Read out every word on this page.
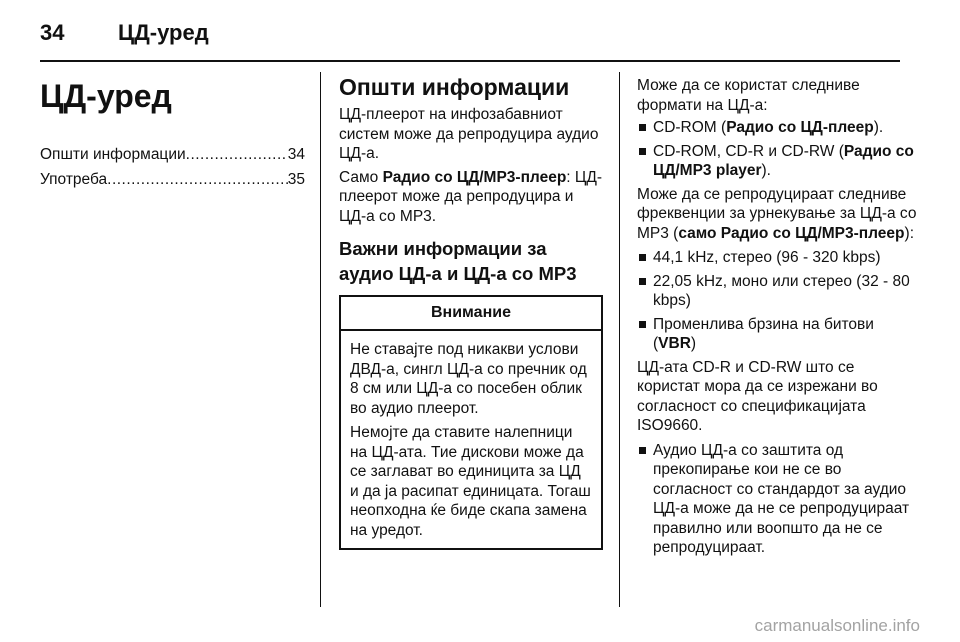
34 ЦД-уред
ЦД-уред
Општи информации .....	34
Употреба .....	35
Општи информации

ЦД-плеерот на инфозабавниот систем може да репродуцира аудио ЦД-а.

Само Радио со ЦД/MP3-плеер: ЦД-плеерот може да репродуцира и ЦД-а со MP3.

Важни информации за аудио ЦД-а и ЦД-а со MP3
Внимание

Не ставајте под никакви услови ДВД-а, сингл ЦД-а со пречник од 8 см или ЦД-а со посебен облик во аудио плеерот.

Немојте да ставите налепници на ЦД-ата. Тие дискови може да се заглават во единицита за ЦД и да ја расипат единицата. Тогаш неопходна ќе биде скапа замена на уредот.

Може да се користат следниве формати на ЦД-а:

CD-ROM (Радио со ЦД-плеер).
CD-ROM, CD-R и CD-RW (Радио со ЦД/MP3 player).

Може да се репродуцираат следниве фреквенции за урнекување за ЦД-а со MP3 (само Радио со ЦД/MP3-плеер):

44,1 kHz, стерео (96 - 320 kbps)
22,05 kHz, моно или стерео (32 - 80 kbps)
Променлива брзина на битови (VBR)

ЦД-ата CD-R и CD-RW што се користат мора да се изрежани во согласност со спецификацијата ISO9660.

Аудио ЦД-а со заштита од прекопирање кои не се во согласност со стандардот за аудио ЦД-а може да не се репродуцираат правилно или воопшто да не се репродуцираат.
carmanualsonline.info
